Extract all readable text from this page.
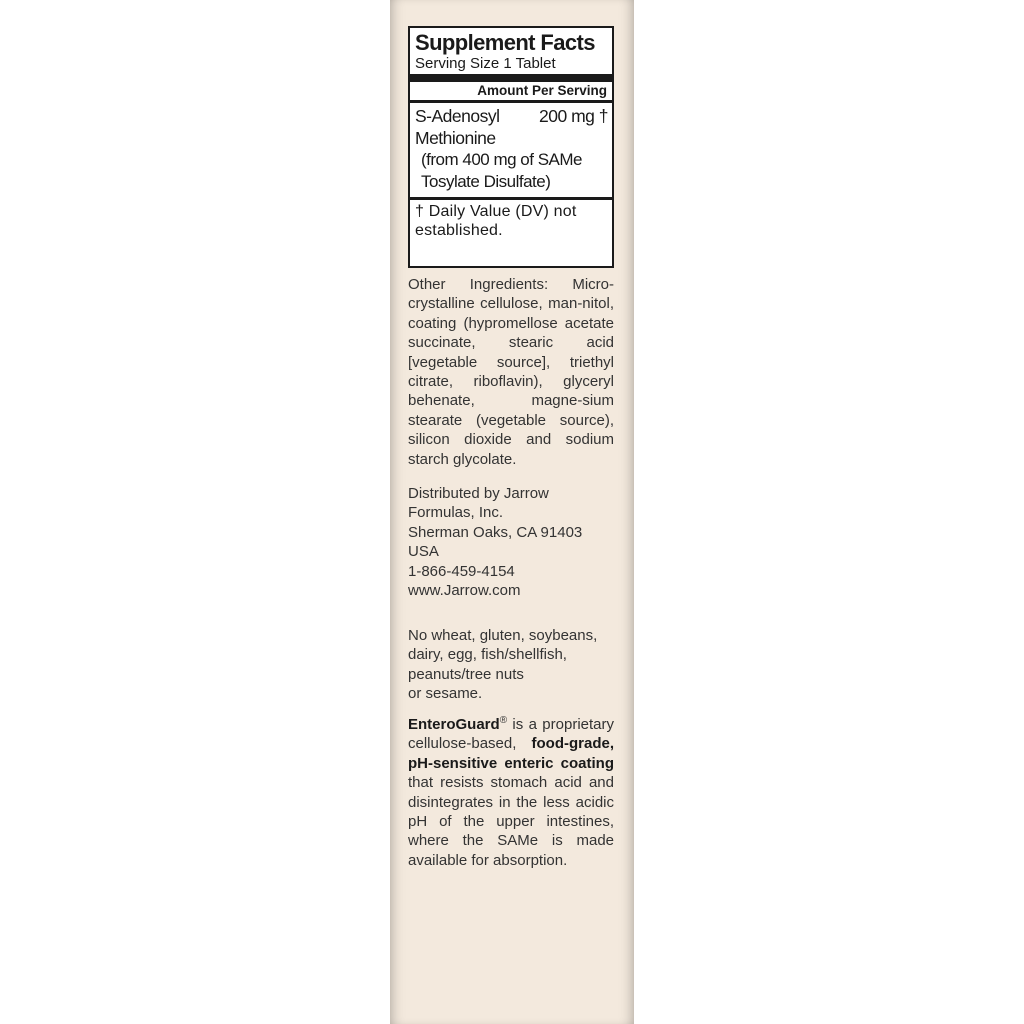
Supplement Facts
Serving Size 1 Tablet
Amount Per Serving
S-Adenosyl	200 mg †
Methionine
(from 400 mg of SAMe
Tosylate Disulfate)
† Daily Value (DV) not established.
Other Ingredients: Micro-crystalline cellulose, man-nitol, coating (hypromellose acetate succinate, stearic acid [vegetable source], triethyl citrate, riboflavin), glyceryl behenate, magne-sium stearate (vegetable source), silicon dioxide and sodium starch glycolate.
Distributed by Jarrow
Formulas, Inc.
Sherman Oaks, CA 91403
USA
1-866-459-4154
www.Jarrow.com
No wheat, gluten, soybeans,
dairy, egg, fish/shellfish,
peanuts/tree nuts
or sesame.
EnteroGuard® is a proprietary cellulose-based, food-grade, pH-sensitive enteric coating that resists stomach acid and disintegrates in the less acidic pH of the upper intestines, where the SAMe is made available for absorption.
